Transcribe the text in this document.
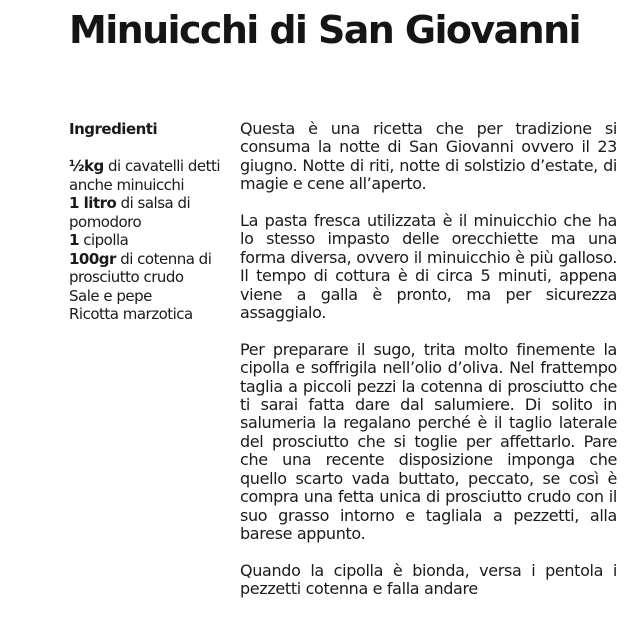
Minuicchi di San Giovanni

Ingredienti

½kg di cavatelli detti anche minuicchi
1 litro di salsa di pomodoro
1 cipolla
100gr di cotenna di prosciutto crudo
Sale e pepe
Ricotta marzotica

Questa è una ricetta che per tradizione si consuma la notte di San Giovanni ovvero il 23 giugno. Notte di riti, notte di solstizio d’estate, di magie e cene all’aperto.

La pasta fresca utilizzata è il minuicchio che ha lo stesso impasto delle orecchiette ma una forma diversa, ovvero il minuicchio è più galloso. Il tempo di cottura è di circa 5 minuti, appena viene a galla è pronto, ma per sicurezza assaggialo.

Per preparare il sugo, trita molto finemente la cipolla e soffrigila nell’olio d’oliva. Nel frattempo taglia a piccoli pezzi la cotenna di prosciutto che ti sarai fatta dare dal salumiere. Di solito in salumeria la regalano perché è il taglio laterale del prosciutto che si toglie per affettarlo. Pare che una recente disposizione imponga che quello scarto vada buttato, peccato, se così è compra una fetta unica di prosciutto crudo con il suo grasso intorno e tagliala a pezzetti, alla barese appunto.

Quando la cipolla è bionda, versa i pentola i pezzetti cotenna e falla andare
